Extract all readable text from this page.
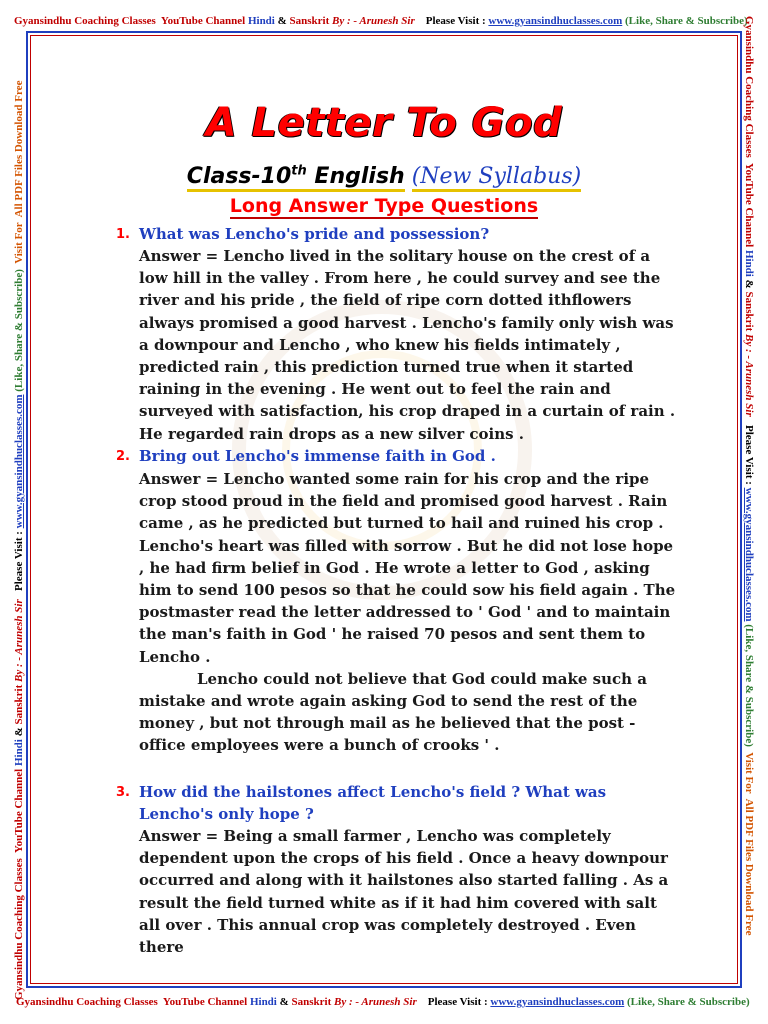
Gyansindhu Coaching Classes YouTube Channel Hindi & Sanskrit By : - Arunesh Sir Please Visit : www.gyansindhuclasses.com (Like, Share & Subscribe)
Gyansindhu Coaching Classes YouTube Channel Hindi & Sanskrit By : - Arunesh Sir Please Visit : www.gyansindhuclasses.com (Like, Share & Subscribe)
Gyansindhu Coaching Classes  YouTube Channel Hindi & Sanskrit By : - Arunesh Sir   Please Visit : www.gyansindhuclasses.com (Like, Share & Subscribe)  Visit For  All PDF Files Download Free	Gyansindhu Coaching Classes  YouTube Channel Hindi & Sanskrit By : - Arunesh Sir   Please Visit : www.gyansindhuclasses.com (Like, Share & Subscribe)  Visit For  All PDF Files Download Free
A Letter To God
Class-10th English (New Syllabus)
Long Answer Type Questions
1. What was Lencho's pride and possession?

Answer = Lencho lived in the solitary house on the crest of a low hill in the valley . From here , he could survey and see the river and his pride , the field of ripe corn dotted ithflowers always promised a good harvest . Lencho's family only wish was a downpour and Lencho , who knew his fields intimately , predicted rain , this prediction turned true when it started raining in the evening . He went out to feel the rain and surveyed with satisfaction, his crop draped in a curtain of rain . He regarded rain drops as a new silver coins .

2. Bring out Lencho's immense faith in God .

Answer = Lencho wanted some rain for his crop and the ripe crop stood proud in the field and promised good harvest . Rain came , as he predicted but turned to hail and ruined his crop . Lencho's heart was filled with sorrow . But he did not lose hope , he had firm belief in God . He wrote a letter to God , asking him to send 100 pesos so that he could sow his field again . The postmaster read the letter addressed to ' God ' and to maintain the man's faith in God ' he raised 70 pesos and sent them to Lencho .

Lencho could not believe that God could make such a mistake and wrote again asking God to send the rest of the money , but not through mail as he believed that the post - office employees were a bunch of crooks ' .

3. How did the hailstones affect Lencho's field ? What was Lencho's only hope ?

Answer = Being a small farmer , Lencho was completely dependent upon the crops of his field . Once a heavy downpour occurred and along with it hailstones also started falling . As a result the field turned white as if it had him covered with salt all over . This annual crop was completely destroyed . Even there
